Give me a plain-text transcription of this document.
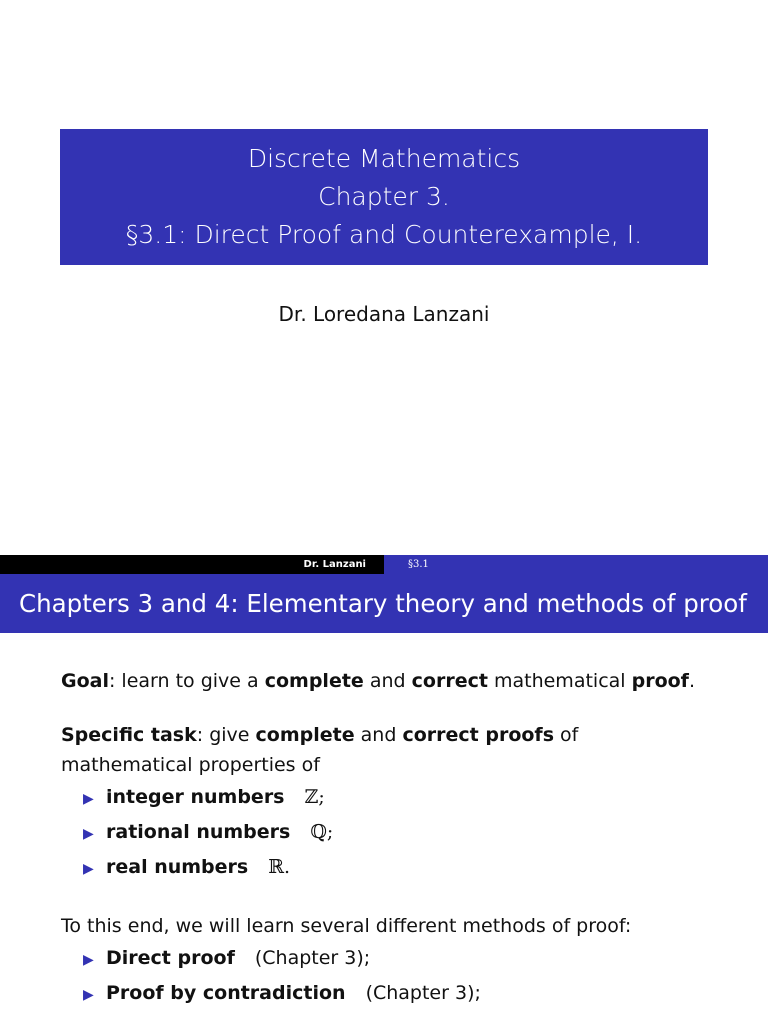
Discrete Mathematics
Chapter 3.
§3.1: Direct Proof and Counterexample, I.
Dr. Loredana Lanzani
Dr. Lanzani	§3.1
Chapters 3 and 4: Elementary theory and methods of proof

Goal: learn to give a complete and correct mathematical proof.

Specific task: give complete and correct proofs of
mathematical properties of

▶ integer numbers ℤ;
▶ rational numbers ℚ;
▶ real numbers ℝ.

To this end, we will learn several different methods of proof:

▶ Direct proof (Chapter 3);
▶ Proof by contradiction (Chapter 3);
